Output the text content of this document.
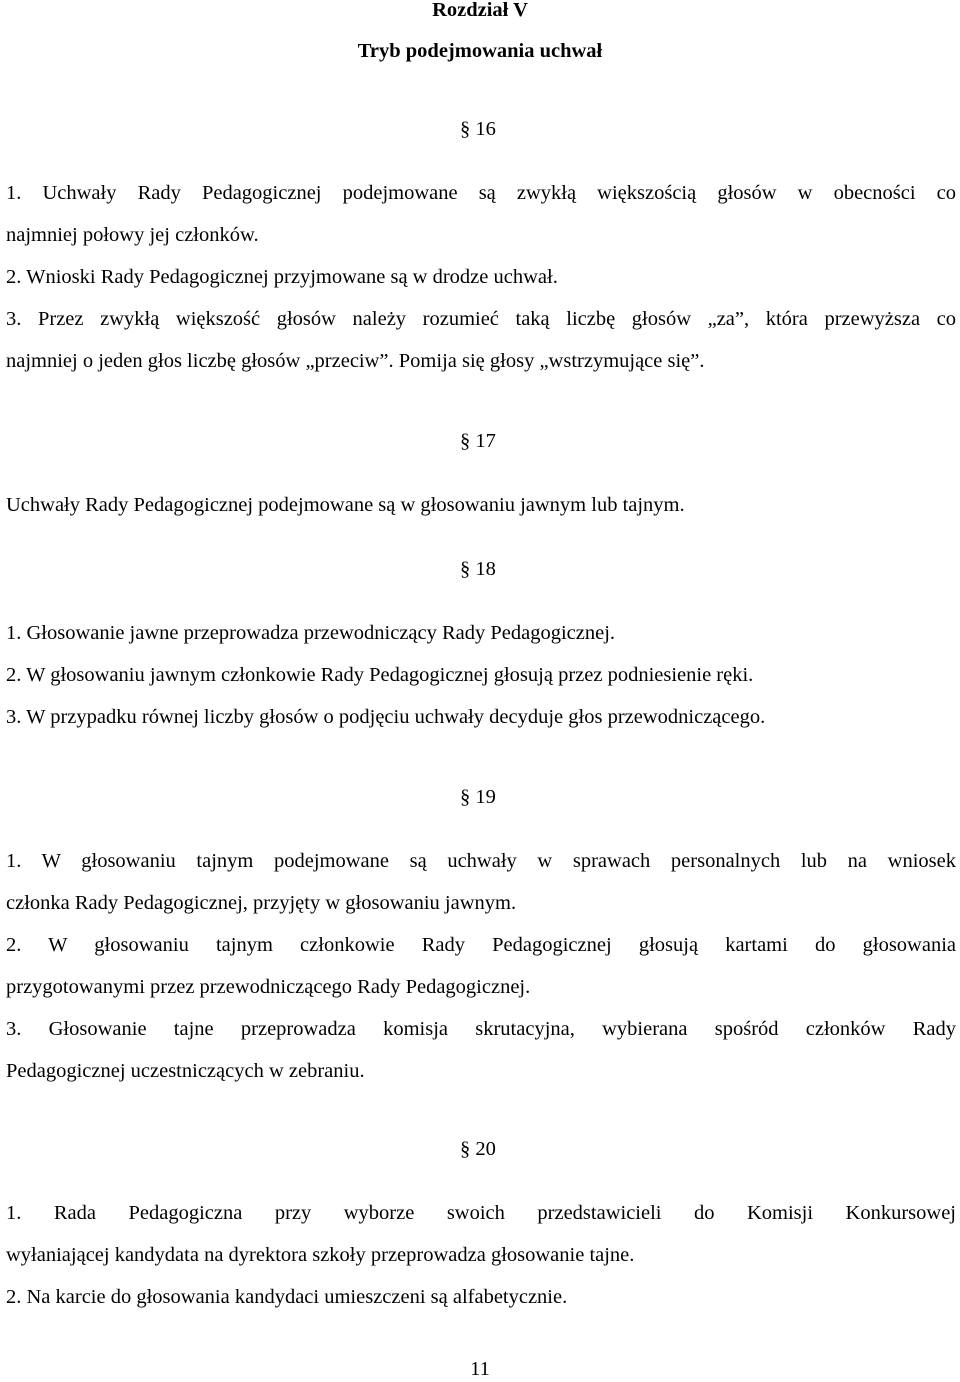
Rozdział V
Tryb podejmowania uchwał
§ 16
1. Uchwały Rady Pedagogicznej podejmowane są zwykłą większością głosów w obecności co
najmniej połowy jej członków.
2. Wnioski Rady Pedagogicznej przyjmowane są w drodze uchwał.
3. Przez zwykłą większość głosów należy rozumieć taką liczbę głosów „za”, która przewyższa co
najmniej o jeden głos liczbę głosów „przeciw”. Pomija się głosy „wstrzymujące się”.
§ 17
Uchwały Rady Pedagogicznej podejmowane są w głosowaniu jawnym lub tajnym.
§ 18
1. Głosowanie jawne przeprowadza przewodniczący Rady Pedagogicznej.
2. W głosowaniu jawnym członkowie Rady Pedagogicznej głosują przez podniesienie ręki.
3. W przypadku równej liczby głosów o podjęciu uchwały decyduje głos przewodniczącego.
§ 19
1. W głosowaniu tajnym podejmowane są uchwały w sprawach personalnych lub na wniosek
członka Rady Pedagogicznej, przyjęty w głosowaniu jawnym.
2. W głosowaniu tajnym członkowie Rady Pedagogicznej głosują kartami do głosowania
przygotowanymi przez przewodniczącego Rady Pedagogicznej.
3. Głosowanie tajne przeprowadza komisja skrutacyjna, wybierana spośród członków Rady
Pedagogicznej uczestniczących w zebraniu.
§ 20
1. Rada Pedagogiczna przy wyborze swoich przedstawicieli do Komisji Konkursowej
wyłaniającej kandydata na dyrektora szkoły przeprowadza głosowanie tajne.
2. Na karcie do głosowania kandydaci umieszczeni są alfabetycznie.
11
